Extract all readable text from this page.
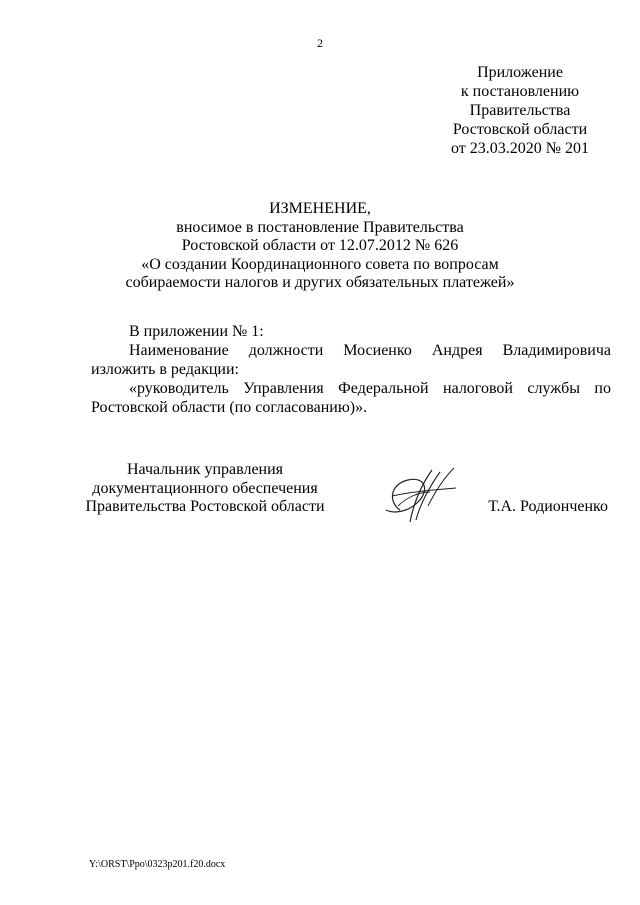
2
Приложение
к постановлению
Правительства
Ростовской области
от 23.03.2020 № 201
ИЗМЕНЕНИЕ,
вносимое в постановление Правительства
Ростовской области от 12.07.2012 № 626
«О создании Координационного совета по вопросам
собираемости налогов и других обязательных платежей»
В приложении № 1:
Наименование должности Мосиенко Андрея Владимировича изложить в редакции:
«руководитель Управления Федеральной налоговой службы по Ростовской области (по согласованию)».
Начальник управления
документационного обеспечения
Правительства Ростовской области	Т.А. Родионченко
Y:\ORST\Ppo\0323p201.f20.docx
